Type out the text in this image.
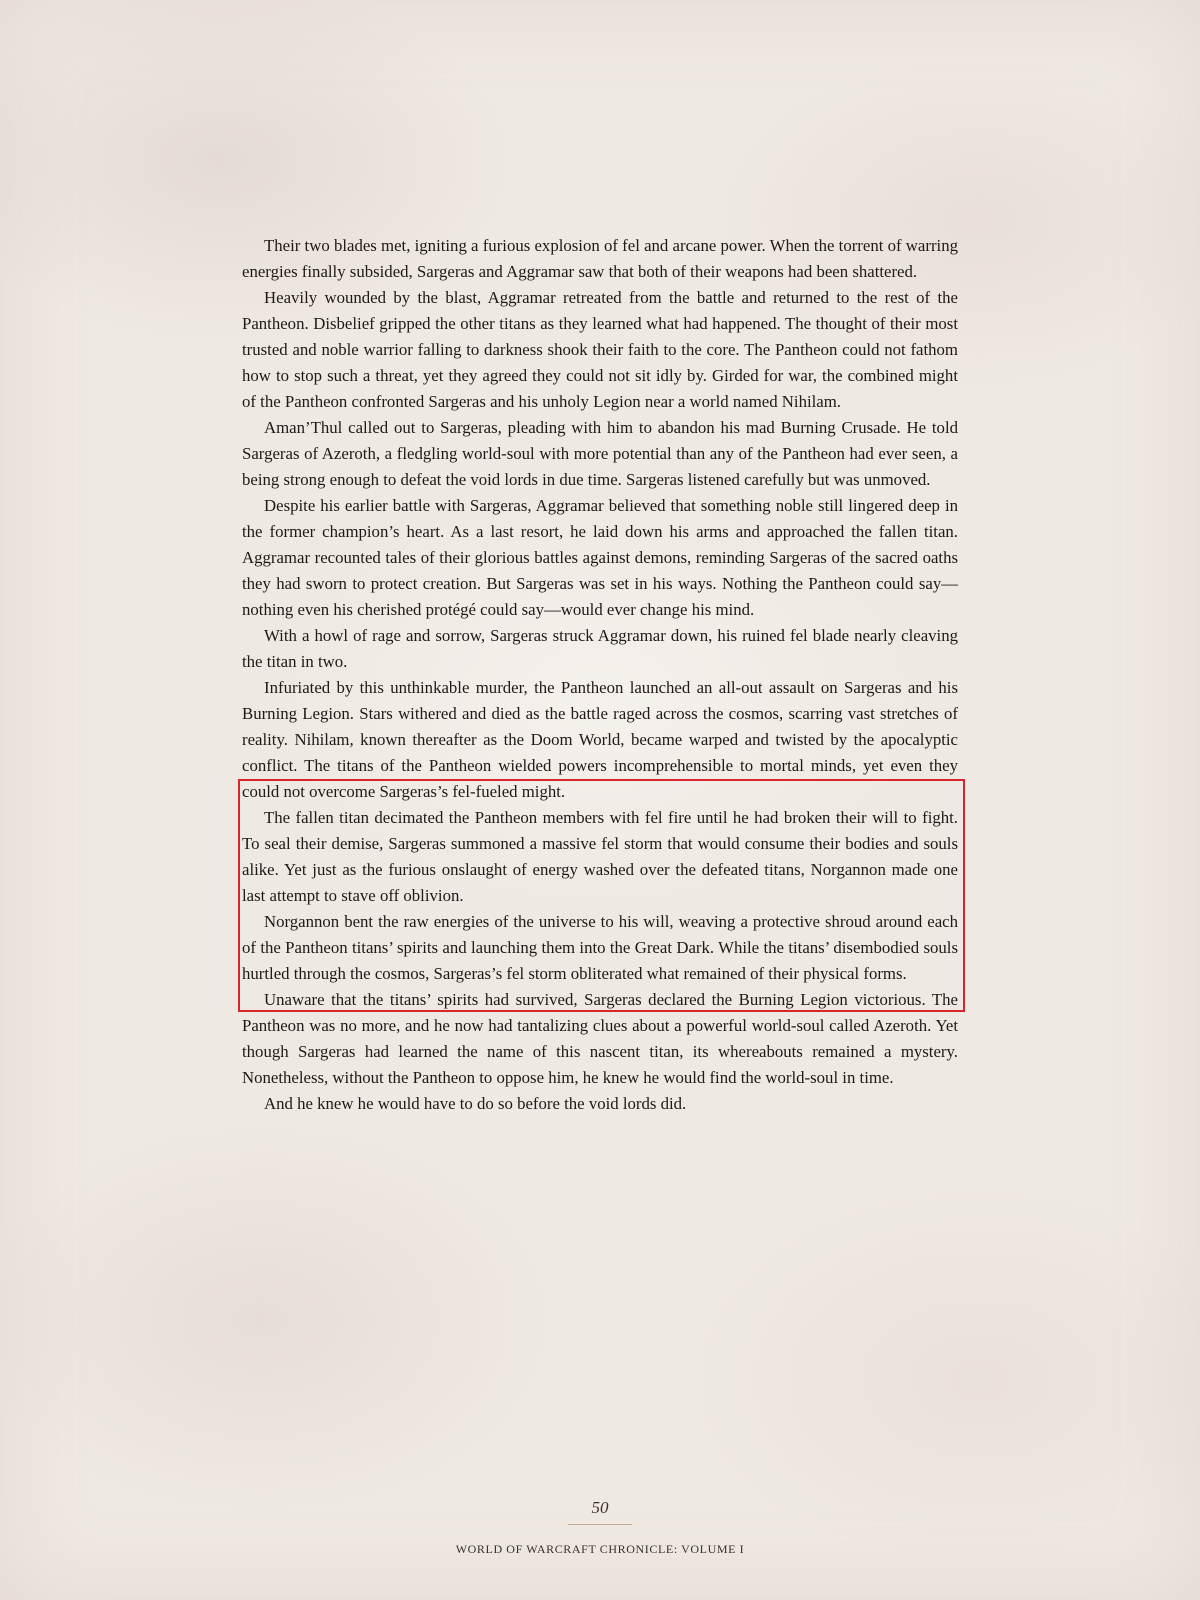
Their two blades met, igniting a furious explosion of fel and arcane power. When the torrent of warring energies finally subsided, Sargeras and Aggramar saw that both of their weapons had been shattered.

Heavily wounded by the blast, Aggramar retreated from the battle and returned to the rest of the Pantheon. Disbelief gripped the other titans as they learned what had happened. The thought of their most trusted and noble warrior falling to darkness shook their faith to the core. The Pantheon could not fathom how to stop such a threat, yet they agreed they could not sit idly by. Girded for war, the combined might of the Pantheon confronted Sargeras and his unholy Legion near a world named Nihilam.

Aman’Thul called out to Sargeras, pleading with him to abandon his mad Burning Crusade. He told Sargeras of Azeroth, a fledgling world-soul with more potential than any of the Pantheon had ever seen, a being strong enough to defeat the void lords in due time. Sargeras listened carefully but was unmoved.

Despite his earlier battle with Sargeras, Aggramar believed that something noble still lingered deep in the former champion’s heart. As a last resort, he laid down his arms and approached the fallen titan. Aggramar recounted tales of their glorious battles against demons, reminding Sargeras of the sacred oaths they had sworn to protect creation. But Sargeras was set in his ways. Nothing the Pantheon could say—nothing even his cherished protégé could say—would ever change his mind.

With a howl of rage and sorrow, Sargeras struck Aggramar down, his ruined fel blade nearly cleaving the titan in two.

Infuriated by this unthinkable murder, the Pantheon launched an all-out assault on Sargeras and his Burning Legion. Stars withered and died as the battle raged across the cosmos, scarring vast stretches of reality. Nihilam, known thereafter as the Doom World, became warped and twisted by the apocalyptic conflict. The titans of the Pantheon wielded powers incomprehensible to mortal minds, yet even they could not overcome Sargeras’s fel-fueled might.

The fallen titan decimated the Pantheon members with fel fire until he had broken their will to fight. To seal their demise, Sargeras summoned a massive fel storm that would consume their bodies and souls alike. Yet just as the furious onslaught of energy washed over the defeated titans, Norgannon made one last attempt to stave off oblivion.

Norgannon bent the raw energies of the universe to his will, weaving a protective shroud around each of the Pantheon titans’ spirits and launching them into the Great Dark. While the titans’ disembodied souls hurtled through the cosmos, Sargeras’s fel storm obliterated what remained of their physical forms.

Unaware that the titans’ spirits had survived, Sargeras declared the Burning Legion victorious. The Pantheon was no more, and he now had tantalizing clues about a powerful world-soul called Azeroth. Yet though Sargeras had learned the name of this nascent titan, its whereabouts remained a mystery. Nonetheless, without the Pantheon to oppose him, he knew he would find the world-soul in time.

And he knew he would have to do so before the void lords did.

50
WORLD OF WARCRAFT CHRONICLE: VOLUME I
